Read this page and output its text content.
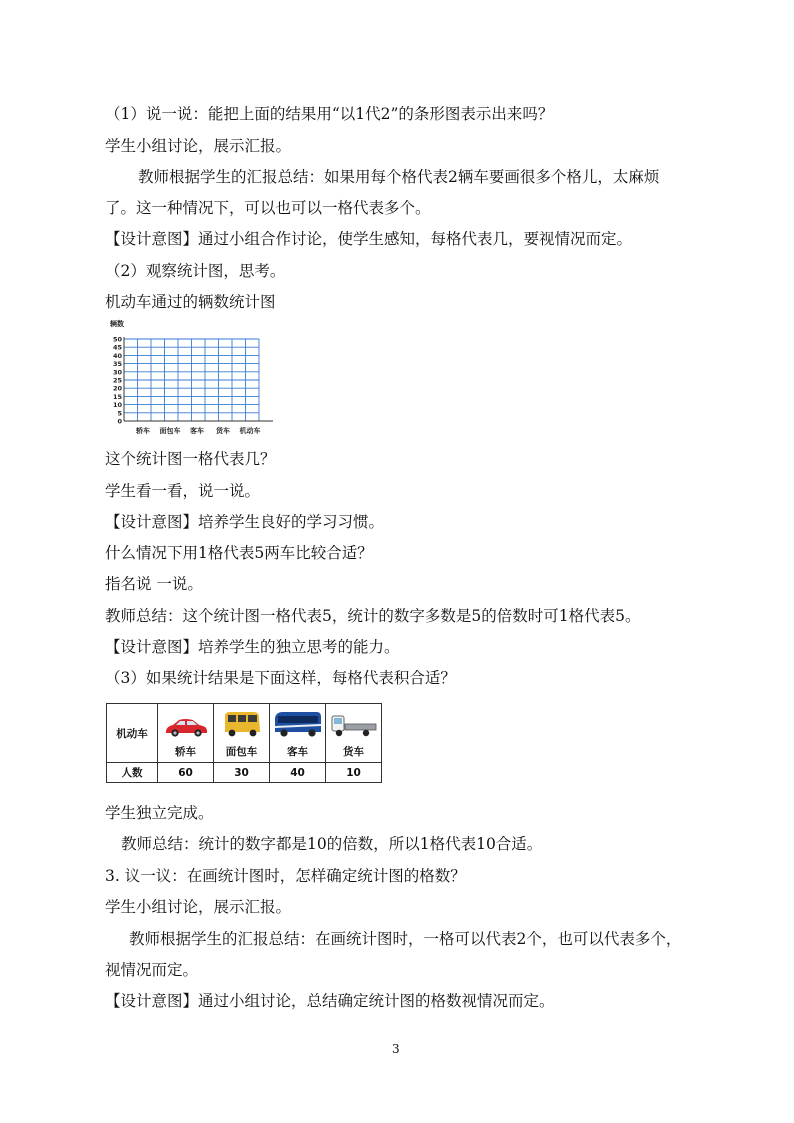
（1）说一说：能把上面的结果用“以1代2”的条形图表示出来吗？
学生小组讨论，展示汇报。
教师根据学生的汇报总结：如果用每个格代表2辆车要画很多个格儿，太麻烦
了。这一种情况下，可以也可以一格代表多个。
【设计意图】通过小组合作讨论，使学生感知，每格代表几，要视情况而定。
（2）观察统计图，思考。
机动车通过的辆数统计图
辆数
0
5
10
15
20
25
30
35
40
45
50
轿车 面包车 客车 货车 机动车
这个统计图一格代表几？
学生看一看，说一说。
【设计意图】培养学生良好的学习习惯。
什么情况下用1格代表5两车比较合适？
指名说 一说。
教师总结：这个统计图一格代表5，统计的数字多数是5的倍数时可1格代表5。
【设计意图】培养学生的独立思考的能力。
（3）如果统计结果是下面这样，每格代表积合适？
机动车	轿车	面包车	客车	货车

人数	60	30	40	10
学生独立完成。
教师总结：统计的数字都是10的倍数，所以1格代表10合适。
3. 议一议：在画统计图时，怎样确定统计图的格数？
学生小组讨论，展示汇报。
教师根据学生的汇报总结：在画统计图时，一格可以代表2个，也可以代表多个，
视情况而定。
【设计意图】通过小组讨论，总结确定统计图的格数视情况而定。
3
